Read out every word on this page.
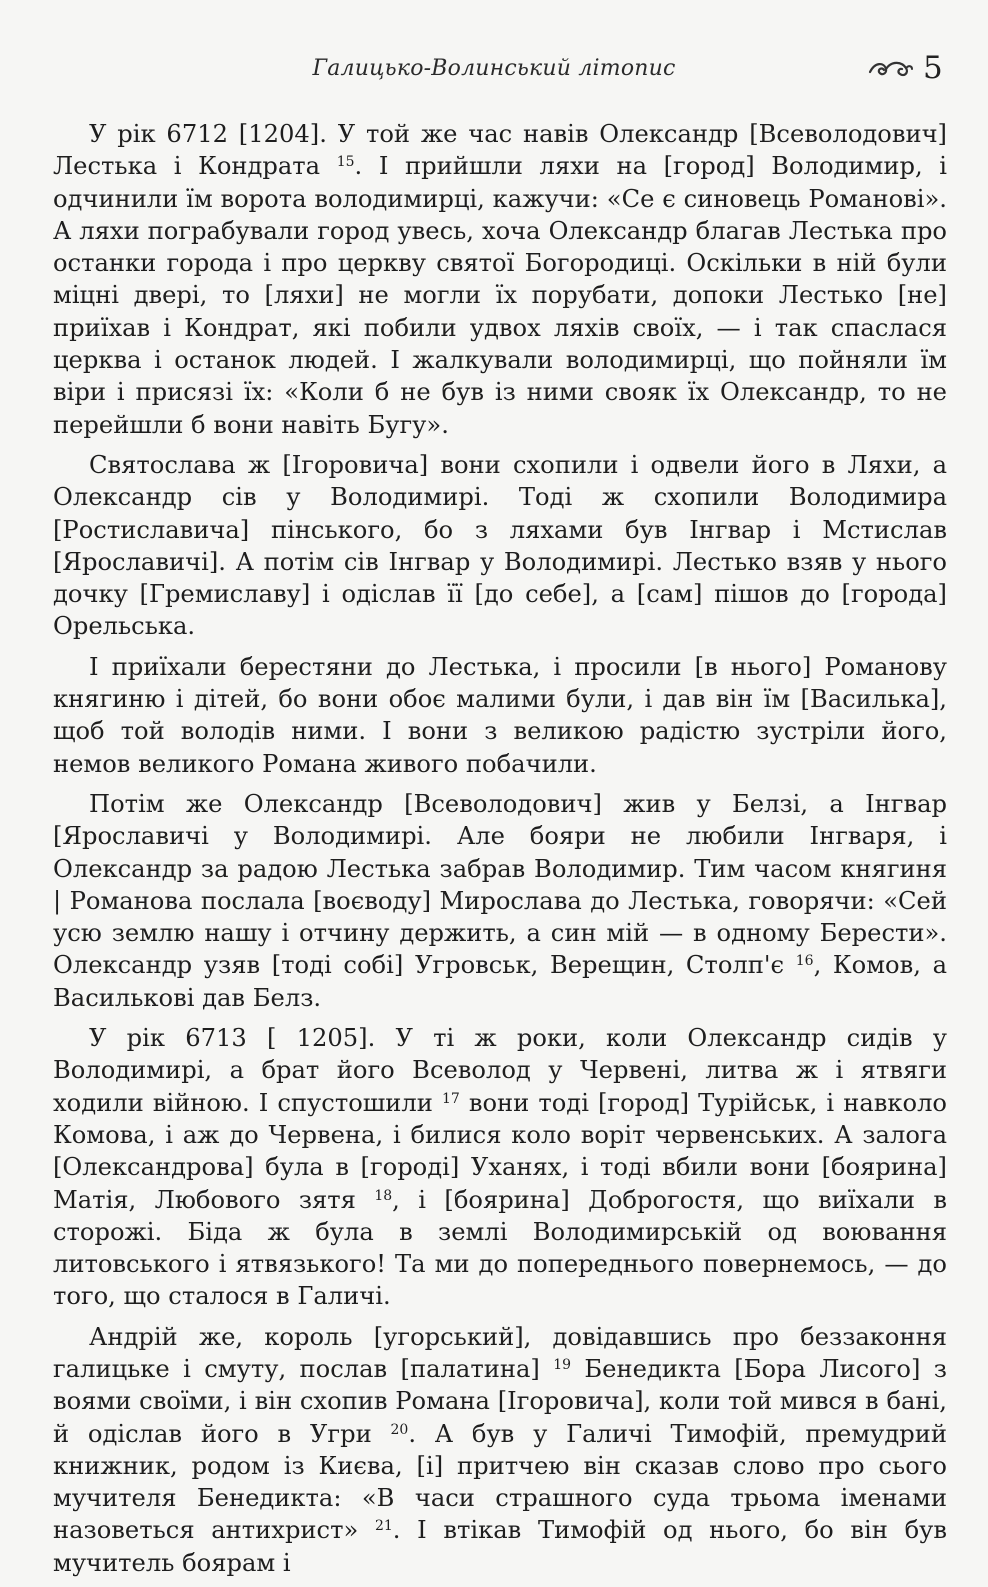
Галицько-Волинський літопис	5

У рік 6712 [1204]. У той же час навів Олександр [Всеволодович] Лестька і Кондрата $^{15}$. І прийшли ляхи на [город] Володимир, і одчинили їм ворота володимирці, кажучи: «Се є синовець Романові». А ляхи пограбували город увесь, хоча Олександр благав Лестька про останки города і про церкву святої Богородиці. Оскільки в ній були міцні двері, то [ляхи] не могли їх порубати, допоки Лестько [не] приїхав і Кондрат, які побили удвох ляхів своїх, — і так спаслася церква і останок людей. І жалкували володимирці, що пойняли їм віри і присязі їх: «Коли б не був із ними свояк їх Олександр, то не перейшли б вони навіть Бугу».

Святослава ж [Ігоровича] вони схопили і одвели його в Ляхи, а Олександр сів у Володимирі. Тоді ж схопили Володимира [Ростиславича] пінського, бо з ляхами був Інгвар і Мстислав [Ярославичі]. А потім сів Інгвар у Володимирі. Лестько взяв у нього дочку [Гремиславу] і одіслав її [до себе], а [сам] пішов до [города] Орельська.

І приїхали берестяни до Лестька, і просили [в нього] Романову княгиню і дітей, бо вони обоє малими були, і дав він їм [Василька], щоб той володів ними. І вони з великою радістю зустріли його, немов великого Романа живого побачили.

Потім же Олександр [Всеволодович] жив у Белзі, а Інгвар [Ярославичі у Володимирі. Але бояри не любили Інгваря, і Олександр за радою Лестька забрав Володимир. Тим часом княгиня | Романова послала [воєводу] Мирослава до Лестька, говорячи: «Сей усю землю нашу і отчину держить, а син мій — в одному Берести». Олександр узяв [тоді собі] Угровськ, Верещин, Столп'є $^{16}$, Комов, а Василькові дав Белз.

У рік 6713 [ 1205]. У ті ж роки, коли Олександр сидів у Володимирі, а брат його Всеволод у Червені, литва ж і ятвяги ходили війною. І спустошили $^{17}$ вони тоді [город] Турійськ, і навколо Комова, і аж до Червена, і билися коло воріт червенських. А залога [Олександрова] була в [городі] Уханях, і тоді вбили вони [боярина] Матія, Любового зятя $^{18}$, і [боярина] Доброгостя, що виїхали в сторожі. Біда ж була в землі Володимирській од воювання литовського і ятвязького! Та ми до попереднього повернемось, — до того, що сталося в Галичі.

Андрій же, король [угорський], довідавшись про беззаконня галицьке і смуту, послав [палатина] $^{19}$ Бенедикта [Бора Лисого] з воями своїми, і він схопив Романа [Ігоровича], коли той мився в бані, й одіслав його в Угри $^{20}$. А був у Галичі Тимофій, премудрий книжник, родом із Києва, [і] притчею він сказав слово про сього мучителя Бенедикта: «В часи страшного суда трьома іменами назоветься антихрист» $^{21}$. І втікав Тимофій од нього, бо він був мучитель боярам і
